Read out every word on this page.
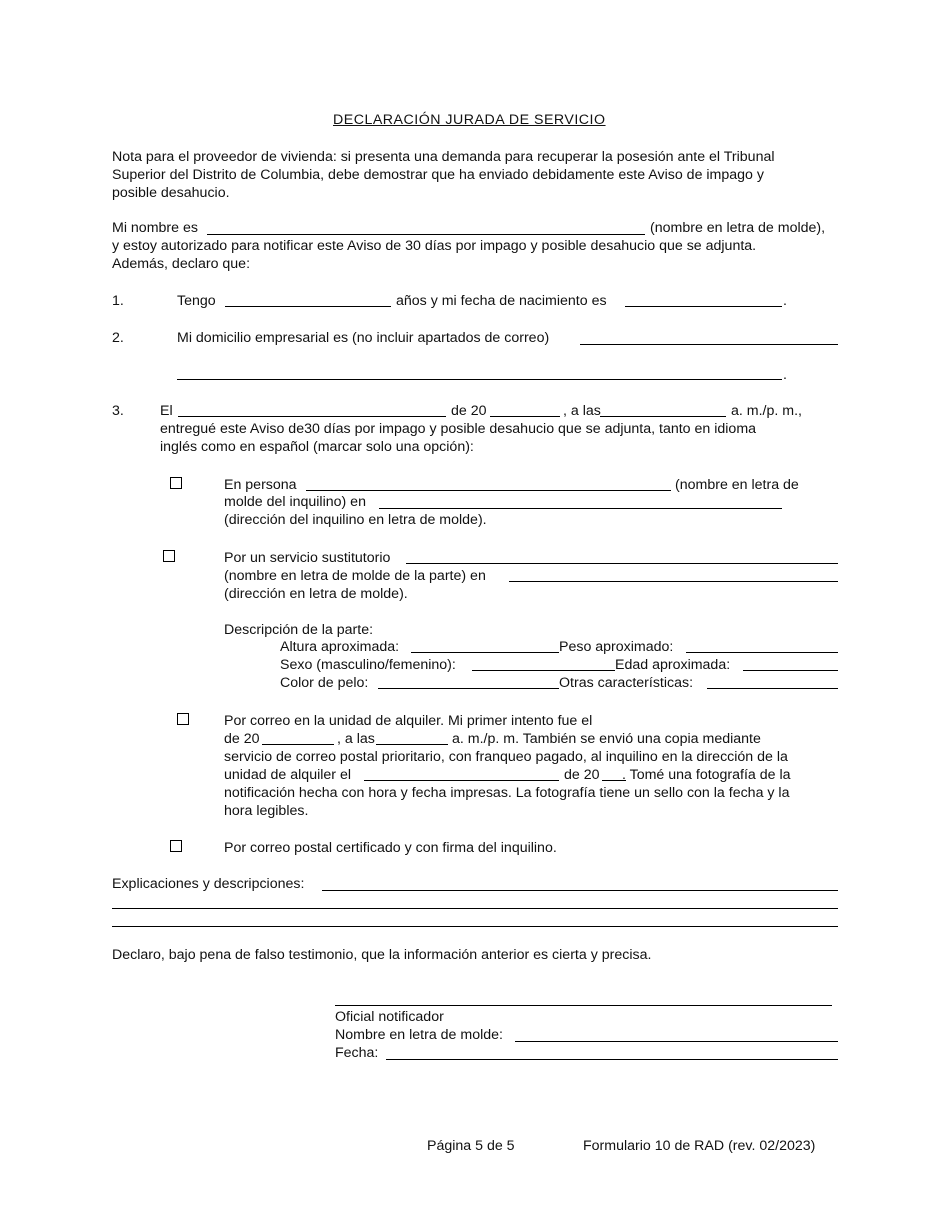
DECLARACIÓN JURADA DE SERVICIO
Nota para el proveedor de vivienda: si presenta una demanda para recuperar la posesión ante el Tribunal
Superior del Distrito de Columbia, debe demostrar que ha enviado debidamente este Aviso de impago y
posible desahucio.
Mi nombre es	(nombre en letra de molde),
y estoy autorizado para notificar este Aviso de 30 días por impago y posible desahucio que se adjunta.
Además, declaro que:
1.	Tengo	años y mi fecha de nacimiento es	.
2.	Mi domicilio empresarial es (no incluir apartados de correo)
.
3.	El	de 20	, a las	a. m./p. m.,
entregué este Aviso de30 días por impago y posible desahucio que se adjunta, tanto en idioma
inglés como en español (marcar solo una opción):
En persona	(nombre en letra de
molde del inquilino) en
(dirección del inquilino en letra de molde).
Por un servicio sustitutorio
(nombre en letra de molde de la parte) en
(dirección en letra de molde).
Descripción de la parte:
Altura aproximada:	Peso aproximado:
Sexo (masculino/femenino):	Edad aproximada:
Color de pelo:	Otras características:
Por correo en la unidad de alquiler. Mi primer intento fue el
de 20	, a las	a. m./p. m. También se envió una copia mediante
servicio de correo postal prioritario, con franqueo pagado, al inquilino en la dirección de la
unidad de alquiler el	de 20 . Tomé una fotografía de la
notificación hecha con hora y fecha impresas. La fotografía tiene un sello con la fecha y la
hora legibles.
Por correo postal certificado y con firma del inquilino.
Explicaciones y descripciones:
Declaro, bajo pena de falso testimonio, que la información anterior es cierta y precisa.
Oficial notificador
Nombre en letra de molde:
Fecha:
Página 5 de 5	Formulario 10 de RAD (rev. 02/2023)
